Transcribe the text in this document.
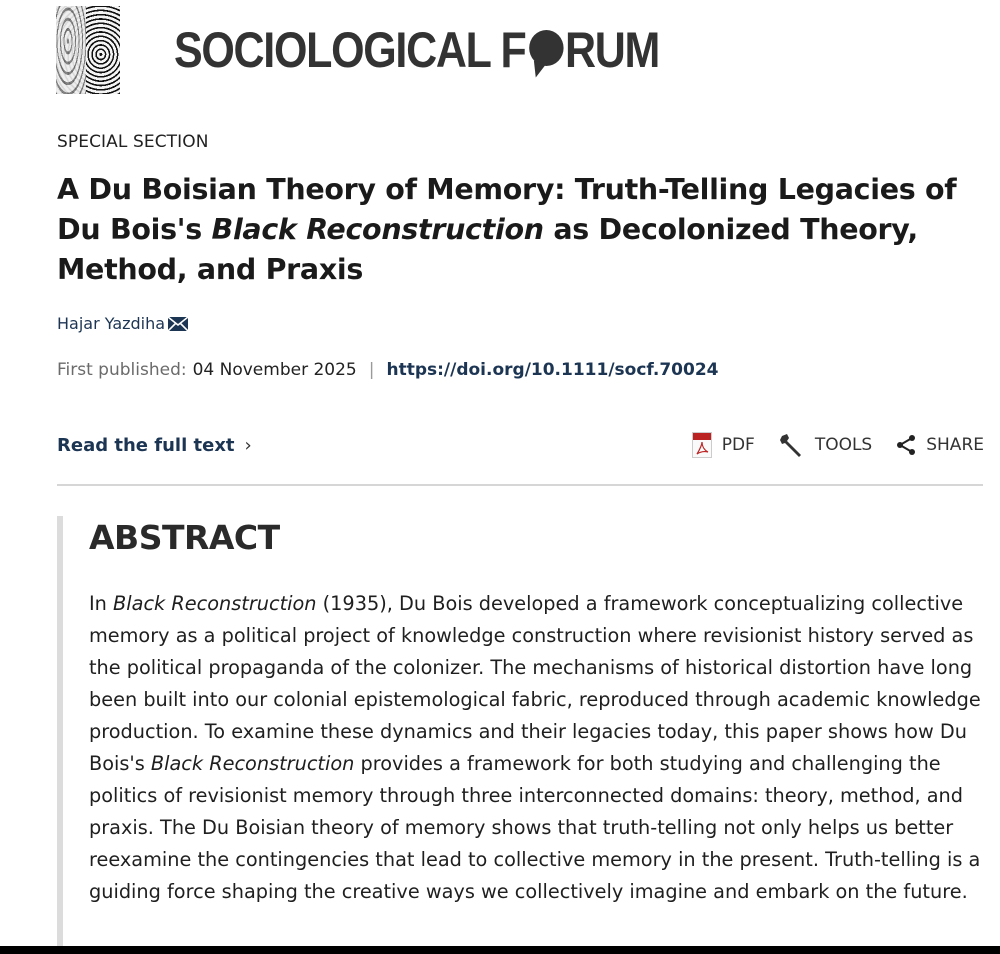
SOCIOLOGICAL F RUM
SPECIAL SECTION
A Du Boisian Theory of Memory: Truth-Telling Legacies of Du Bois's Black Reconstruction as Decolonized Theory, Method, and Praxis
Hajar Yazdiha
First published: 04 November 2025 | https://doi.org/10.1111/socf.70024
Read the full text ›	PDF	TOOLS	SHARE
ABSTRACT

In Black Reconstruction (1935), Du Bois developed a framework conceptualizing collective memory as a political project of knowledge construction where revisionist history served as the political propaganda of the colonizer. The mechanisms of historical distortion have long been built into our colonial epistemological fabric, reproduced through academic knowledge production. To examine these dynamics and their legacies today, this paper shows how Du Bois's Black Reconstruction provides a framework for both studying and challenging the politics of revisionist memory through three interconnected domains: theory, method, and praxis. The Du Boisian theory of memory shows that truth-telling not only helps us better reexamine the contingencies that lead to collective memory in the present. Truth-telling is a guiding force shaping the creative ways we collectively imagine and embark on the future.
